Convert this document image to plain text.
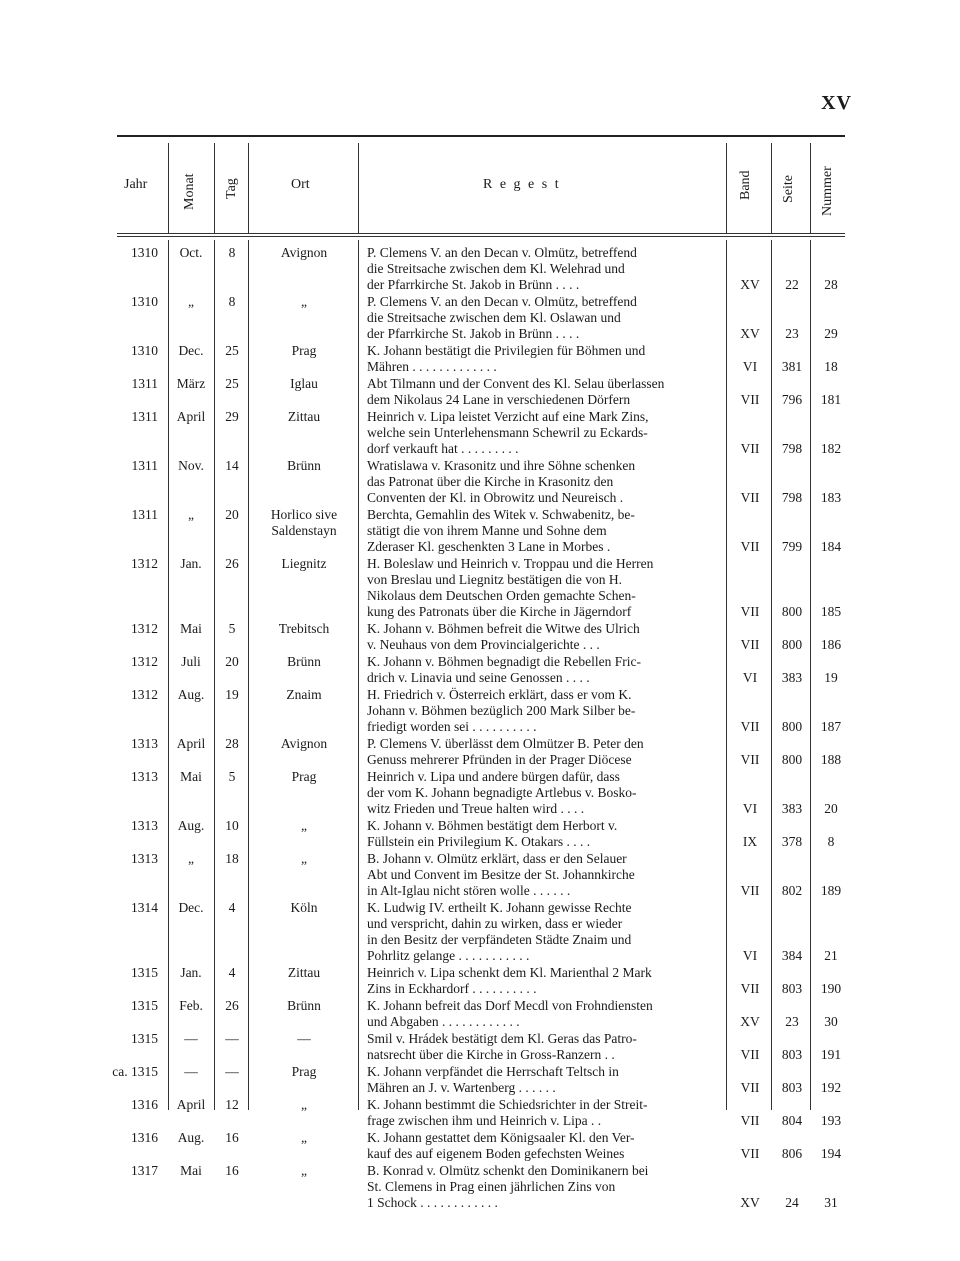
XV
Jahr Monat Tag	Ort	R e g e s t	Band Seite Nummer
1310	Oct.	8	Avignon	P. Clemens V. an den Decan v. Olmütz, betreffend
die Streitsache zwischen dem Kl. Welehrad und
der Pfarrkirche St. Jakob in Brünn . . . .	XV	22	28
1310	„	8	„	P. Clemens V. an den Decan v. Olmütz, betreffend
die Streitsache zwischen dem Kl. Oslawan und
der Pfarrkirche St. Jakob in Brünn . . . .	XV	23	29
1310	Dec.	25	Prag	K. Johann bestätigt die Privilegien für Böhmen und
Mähren . . . . . . . . . . . . .	VI	381	18
1311	März	25	Iglau	Abt Tilmann und der Convent des Kl. Selau überlassen
dem Nikolaus 24 Lane in verschiedenen Dörfern	VII	796	181
1311	April	29	Zittau	Heinrich v. Lipa leistet Verzicht auf eine Mark Zins,
welche sein Unterlehensmann Schewril zu Eckards-
dorf verkauft hat . . . . . . . . .	VII	798	182
1311	Nov.	14	Brünn	Wratislawa v. Krasonitz und ihre Söhne schenken
das Patronat über die Kirche in Krasonitz den
Conventen der Kl. in Obrowitz und Neureisch .	VII	798	183
1311	„	20	Horlico sive Saldenstayn
Berchta, Gemahlin des Witek v. Schwabenitz, be-
stätigt die von ihrem Manne und Sohne dem
Zderaser Kl. geschenkten 3 Lane in Morbes .	VII	799	184
1312	Jan.	26	Liegnitz	H. Boleslaw und Heinrich v. Troppau und die Herren
von Breslau und Liegnitz bestätigen die von H.
Nikolaus dem Deutschen Orden gemachte Schen-
kung des Patronats über die Kirche in Jägerndorf	VII	800	185
1312	Mai	5	Trebitsch	K. Johann v. Böhmen befreit die Witwe des Ulrich
v. Neuhaus von dem Provincialgerichte . . .	VII	800	186
1312	Juli	20	Brünn	K. Johann v. Böhmen begnadigt die Rebellen Fric-
drich v. Linavia und seine Genossen . . . .	VI	383	19
1312	Aug.	19	Znaim	H. Friedrich v. Österreich erklärt, dass er vom K.
Johann v. Böhmen bezüglich 200 Mark Silber be-
friedigt worden sei . . . . . . . . . .	VII	800	187
1313	April	28	Avignon	P. Clemens V. überlässt dem Olmützer B. Peter den
Genuss mehrerer Pfründen in der Prager Diöcese	VII	800	188
1313	Mai	5	Prag	Heinrich v. Lipa und andere bürgen dafür, dass
der vom K. Johann begnadigte Artlebus v. Bosko-
witz Frieden und Treue halten wird . . . .	VI	383	20
1313	Aug.	10	„	K. Johann v. Böhmen bestätigt dem Herbort v.
Füllstein ein Privilegium K. Otakars . . . .	IX	378	8
1313	„	18	„	B. Johann v. Olmütz erklärt, dass er den Selauer
Abt und Convent im Besitze der St. Johannkirche
in Alt-Iglau nicht stören wolle . . . . . .	VII	802	189
1314	Dec.	4	Köln	K. Ludwig IV. ertheilt K. Johann gewisse Rechte
und verspricht, dahin zu wirken, dass er wieder
in den Besitz der verpfändeten Städte Znaim und
Pohrlitz gelange . . . . . . . . . . .	VI	384	21
1315	Jan.	4	Zittau	Heinrich v. Lipa schenkt dem Kl. Marienthal 2 Mark
Zins in Eckhardorf . . . . . . . . . .	VII	803	190
1315	Feb.	26	Brünn	K. Johann befreit das Dorf Mecdl von Frohndiensten
und Abgaben . . . . . . . . . . . .	XV	23	30
1315	—	—	—	Smil v. Hrádek bestätigt dem Kl. Geras das Patro-
natsrecht über die Kirche in Gross-Ranzern . .	VII	803	191
ca. 1315	—	—	Prag	K. Johann verpfändet die Herrschaft Teltsch in
Mähren an J. v. Wartenberg . . . . . .	VII	803	192
1316	April	12	„	K. Johann bestimmt die Schiedsrichter in der Streit-
frage zwischen ihm und Heinrich v. Lipa . .	VII	804	193
1316	Aug.	16	„	K. Johann gestattet dem Königsaaler Kl. den Ver-
kauf des auf eigenem Boden gefechsten Weines	VII	806	194
1317	Mai	16	„	B. Konrad v. Olmütz schenkt den Dominikanern bei
St. Clemens in Prag einen jährlichen Zins von
1 Schock . . . . . . . . . . . .	XV	24	31
